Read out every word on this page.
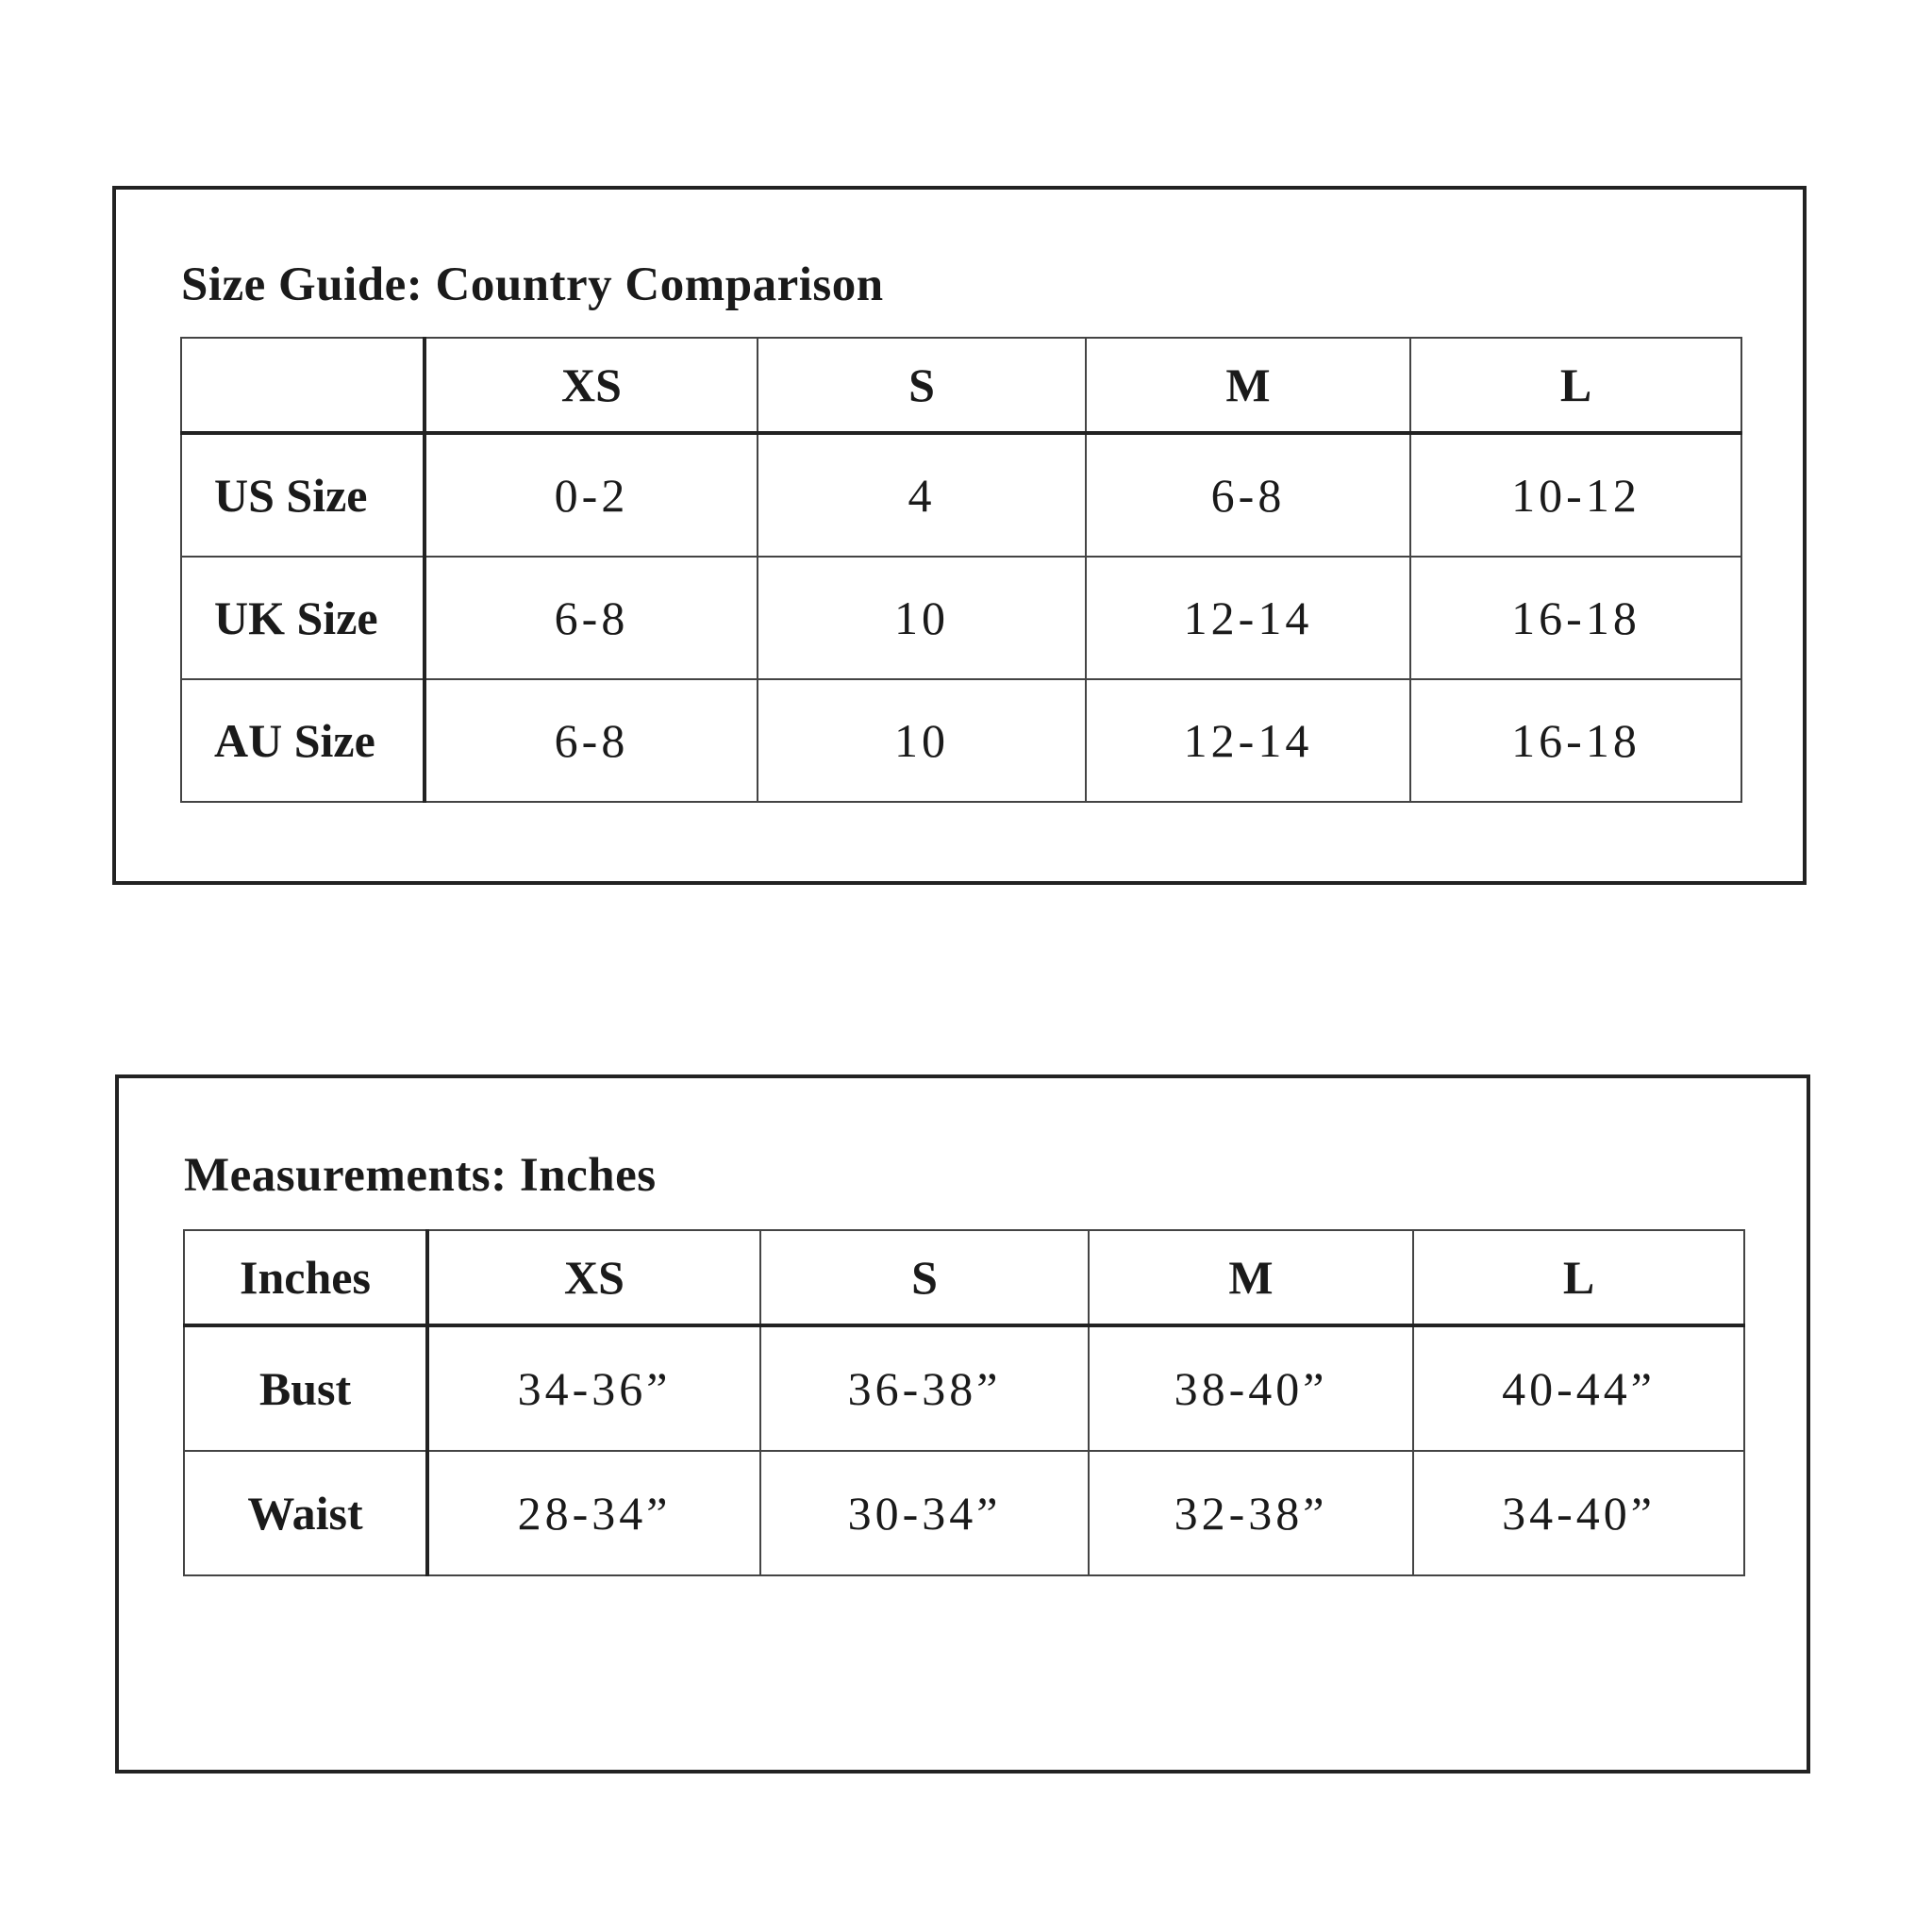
Size Guide: Country Comparison
	XS	S	M	L
US Size	0-2	4	6-8	10-12
UK Size	6-8	10	12-14	16-18
AU Size	6-8	10	12-14	16-18
Measurements: Inches
Inches	XS	S	M	L
Bust	34-36”	36-38”	38-40”	40-44”
Waist	28-34”	30-34”	32-38”	34-40”
